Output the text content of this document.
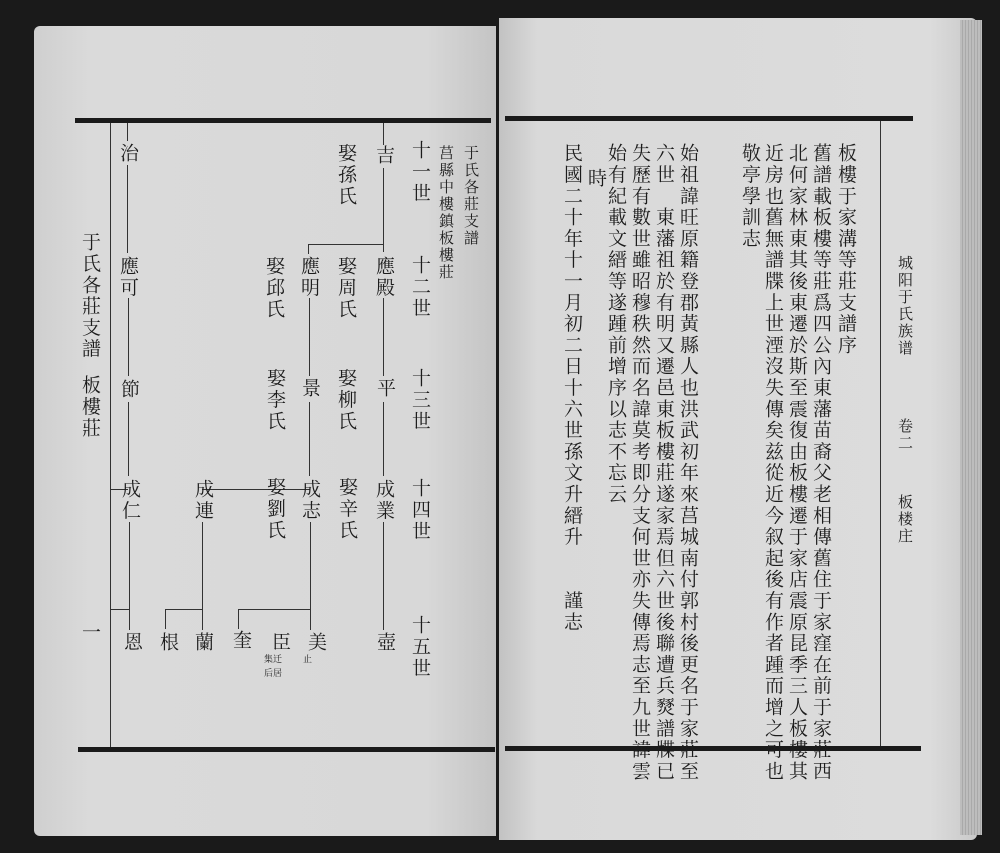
于氏各莊支譜
板樓莊
一
于氏各莊支譜
莒縣中樓鎮板樓莊
十一世
十二世
十三世
十四世
十五世
吉
娶孫氏
應殿
娶周氏
應明
娶邱氏
平
娶柳氏
景
娶李氏
成業
娶辛氏
成志
娶劉氏
成連
治
應可
節
成仁
壺
美
止
臣
集迁
后居
奎
蘭
根
恩
城阳于氏族谱
卷二
板楼庄
板樓于家溝等莊支譜序
舊譜載板樓等莊爲四公內東藩苗裔父老相傳舊住于家窪在前于家莊西
北何家林東其後東遷於斯至震復由板樓遷于家店震原昆季三人板樓其
近房也舊無譜牒上世湮沒失傳矣兹從近今叙起後有作者踵而增之可也
敬亭學訓志
始祖諱旺原籍登郡黃縣人也洪武初年來莒城南付郭村後更名于家莊至
六世　東藩祖於有明又遷邑東板樓莊遂家焉但六世後聯遭兵燹譜牒已
失歷有數世雖昭穆秩然而名諱莫考即分支何世亦失傳焉志至九世諱雲
始有紀載文縉等遂踵前增序以志不忘云
時
民國二十年十一月初二日十六世孫文升縉升　　謹志
